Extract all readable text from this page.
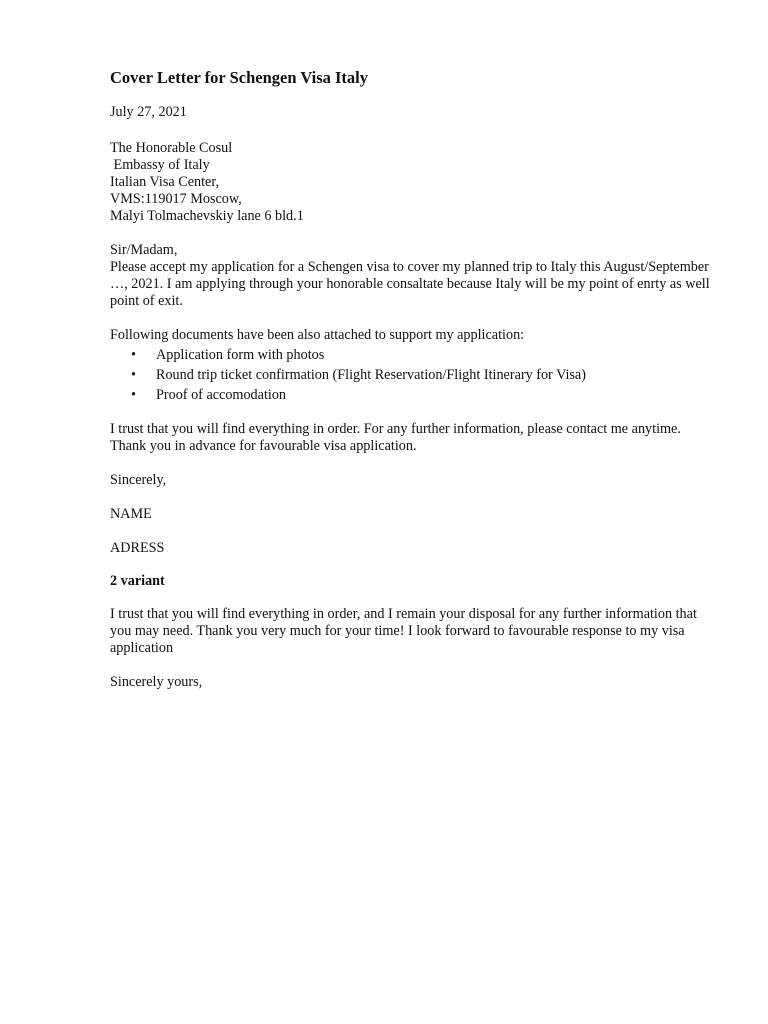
Cover Letter for Schengen Visa Italy
July 27, 2021
The Honorable Cosul
Embassy of Italy
Italian Visa Center,
VMS:119017 Moscow,
Malyi Tolmachevskiy lane 6 bld.1
Sir/Madam,
Please accept my application for a Schengen visa to cover my planned trip to Italy this August/September …, 2021. I am applying through your honorable consaltate because Italy will be my point of enrty as well point of exit.
Following documents have been also attached to support my application:
• Application form with photos
• Round trip ticket confirmation (Flight Reservation/Flight Itinerary for Visa)
• Proof of accomodation
I trust that you will find everything in order. For any further information, please contact me anytime. Thank you in advance for favourable visa application.
Sincerely,
NAME
ADRESS
2 variant
I trust that you will find everything in order, and I remain your disposal for any further information that you may need. Thank you very much for your time! I look forward to favourable response to my visa application
Sincerely yours,
